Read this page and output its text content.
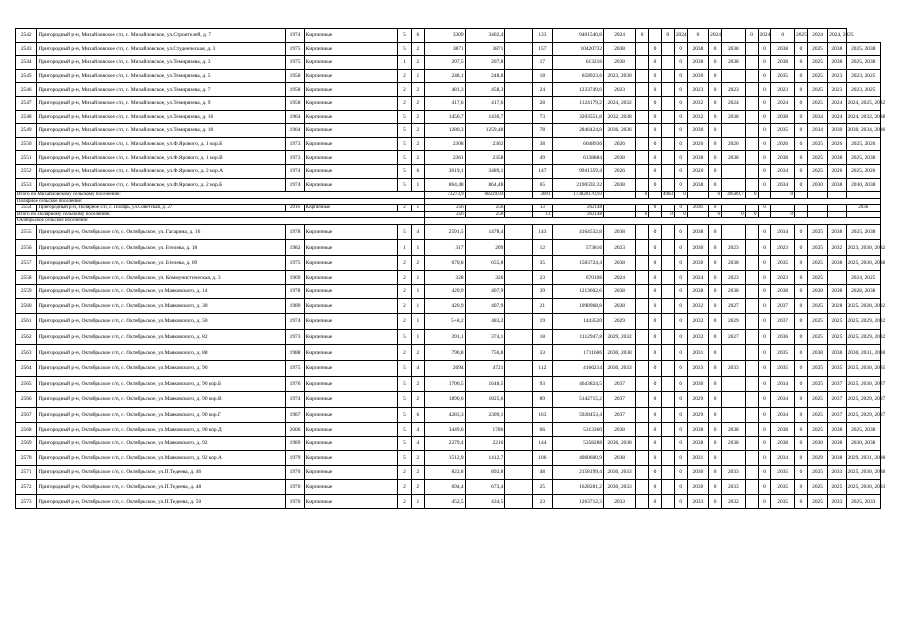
2542	Пригородный р-н, Михайловское с/п, с. Михайловское, ул.Строителей, д. 7	1974	Кирпичные	5	6	3309	3402,4		133	9401540,8	2024	0		0	2024	0	2024		0	2024	0	2025	2024	2024, 2025	
2543	Пригородный р-н, Михайловское с/п, с. Михайловское, ул.Студенческая, д. 3	1975	Кирпичные	5	2	3871	3871		157	10420732	2038		0		0	2038	0	2038		0	2038	0	2025	2038	2025, 2038
2544	Пригородный р-н, Михайловское с/п, с. Михайловское, ул.Темирязева, д. 3	1975	Кирпичные	1	2	207,5	207,8		17	613216	2038		0		0	2038	0	2038		0	2038	0	2025	2038	2025, 2038
2545	Пригородный р-н, Михайловское с/п, с. Михайловское, ул.Темирязева, д. 5	1958	Кирпичные	2	1	248,1	248,8		18	658923,6	2023, 2030		0		0	2030	0			0	2035	0	2025	2023	2023, 2025
2546	Пригородный р-н, Михайловское с/п, с. Михайловское, ул.Темирязева, д. 7	1958	Кирпичные	2	2	481,3	458,3		24	1233749,6	2023		0		0	2023	0	2023		0	2023	0	2025	2023	2023, 2025
2547	Пригородный р-н, Михайловское с/п, с. Михайловское, ул.Темирязева, д. 9	1958	Кирпичные	2	2	417,6	417,6		28	1124179,2	2024, 2032		0		0	2032	0	2024		0	2024	0	2025	2024	2024, 2025, 2032
2548	Пригородный р-н, Михайловское с/п, с. Михайловское, ул.Темирязева, д. 16	1964	Кирпичные	5	2	1450,7	1430,7		73	3203551,8	2032, 2038		0		0	2032	0	2038		0	2038	0	2034	2024	2024, 2032, 2038
2549	Пригородный р-н, Михайловское с/п, с. Михайловское, ул.Темирязева, д. 18	1964	Кирпичные	5	2	1280,3	1259,48		78	2846424,8	2036, 2036		0		0	2030	0			0	2035	0	2034	2030	2030, 2034, 2036
2550	Пригородный р-н, Михайловское с/п, с. Михайловское, ул.Ф.Ярового, д. 1 кор.Б	1973	Кирпичные	5	2	2308	2302		38	6048936	2026		0		0	2026	0	2026		0	2026	0	2025	2026	2025, 2026
2551	Пригородный р-н, Михайловское с/п, с. Михайловское, ул.Ф.Ярового, д. 1 кор.В	1973	Кирпичные	5	2	2361	2358		49	6138884	2038		0		0	2038	0	2038		0	2038	0	2025	2038	2025, 2038
2552	Пригородный р-н, Михайловское с/п, с. Михайловское, ул.Ф.Ярового, д. 2 кор.А	1974	Кирпичные	5	6	3019,1	3489,1		147	9941359,4	2026		0		0	2026	0			0	2034	0	2025	2026	2025, 2026
2553	Пригородный р-н, Михайловское с/п, с. Михайловское, ул.Ф.Ярового, д. 2 кор.Б	1974	Кирпичные	5	1	864,48	864,48		65	2190592,32	2038		0		0	2038	0			0	2034	0	2030	2038	2030, 2038
Итого по Михайловскому сельскому поселению:						73273,9	68229,03		3091	173820170,93		0		49831	0		0	49589,7	0		0				
Полярное сельское поселение:																									
2554	Пригородный р-н, Полярное с/п, с. Полярь, ул.Советская, д. 27	2016	Кирпичные	2	1	256	256		13	262148			0		0	2036	0			0					2036
Итого по Полярному сельскому поселению:						256	256		13	262148		0		0	0		0	0	0		0				
Октябрьское сельское поселение:																									
2555	Пригородный р-н, Октябрьское с/п, с. Октябрьское, ул. Гагарина, д. 16	1978	Кирпичные	5	4	2591,5	1478,4		143	4164532,8	2038		0		0	2038	0			0	2034	0	2025	2038	2025, 2038
2556	Пригородный р-н, Октябрьское с/п, с. Октябрьское, ул. Бтелева, д. 18	1982	Кирпичные	1	1	317	209		12	573816	2023		0		0	2030	0	2023		0	2023	0	2025	2032	2023, 2030, 2032
2557	Пригородный р-н, Октябрьское с/п, с. Октябрьское, ул. Бтелева, д. 69	1975	Кирпичные	2	2	670,8	655,8		35	1583724,4	2038		0		0	2030	0	2038		0	2035	0	2025	2038	2025, 2030, 2038
2558	Пригородный р-н, Октябрьское с/п, с. Октябрьское, ул. Коммунистическая, д. 3	1969	Кирпичные	2	1	328	326		23	670108	2024		0		0	2024	0	2023		0	2023	0	2025		2024, 2025
2559	Пригородный р-н, Октябрьское с/п, с. Октябрьское, ул.Маяковского, д. 14	1978	Кирпичные	2	1	420,9	407,9		39	1213602,6	2038		0		0	2038	0	2038		0	2038	0	2028	2038	2028, 2038
2560	Пригородный р-н, Октябрьское с/п, с. Октябрьское, ул.Маяковского, д. 30	1989	Кирпичные	2	1	420,9	407,9		21	1098968,8	2028		0		0	2032	0	2027		0	2037	0	2025	2028	2025, 2028, 2032
2561	Пригородный р-н, Октябрьское с/п, с. Октябрьское, ул.Маяковского, д. 50	1974	Кирпичные	2	1	5+8,2	483,2		19	1443520	2029		0		0	2032	0	2029		0	2037	0	2025	2025	2025, 2029, 2032
2562	Пригородный р-н, Октябрьское с/п, с. Октябрьское, ул.Маяковского, д. 82	1973	Кирпичные	5	1	391,1	374,1		18	1112947,8	2029, 2032		0		0	2032	0	2027		0	2036	0	2025	2025	2025, 2029, 2032
2563	Пригородный р-н, Октябрьское с/п, с. Октябрьское, ул.Маяковского, д. 88	1988	Кирпичные	2	2	790,8	756,8		33	1711606	2030, 2038		0		0	2031	0			0	2035	0	2038	2038	2030, 2031, 2038
2564	Пригородный р-н, Октябрьское с/п, с. Октябрьское, ул.Маяковского, д. 90	1975	Кирпичные	5	4	2694	4721		112	4166214	2030, 2033		0		0	2033	0	2033		0	2035	0	2025	2035	2025, 2030, 2035
2565	Пригородный р-н, Октябрьское с/п, с. Октябрьское, ул.Маяковского, д. 90 кор.Б	1976	Кирпичные	5	2	1700,5	1648,5		93	4643824,5	2037		0		0	2030	0			0	2034	0	2025	2037	2025, 2030, 2037
2566	Пригородный р-н, Октябрьское с/п, с. Октябрьское, ул.Маяковского, д. 90 кор.В	1974	Кирпичные	5	2	1890,6	1825,6		89	5142715,2	2037		0		0	2029	0			0	2034	0	2025	2037	2025, 2029, 2037
2567	Пригородный р-н, Октябрьское с/п, с. Октябрьское, ул.Маяковского, д. 90 кор.Г	1987	Кирпичные	5	6	4283,3	2309,1		163	5928453,4	2037		0		0	2029	0			0	2034	0	2025	2037	2025, 2029, 2037
2568	Пригородный р-н, Октябрьское с/п, с. Октябрьское, ул.Маяковского, д. 90 кор.Д	2006	Кирпичные	5	4	3449,6	1786		66	5313360	2038		0		0	2038	0	2038		0	2038	0	2025	2038	2025, 2038
2569	Пригородный р-н, Октябрьское с/п, с. Октябрьское, ул.Маяковского, д. 92	1989	Кирпичные	5	4	2279,4	2216		144	5358288	2036, 2038		0		0	2038	0	2038		0	2038	0	2030	2038	2030, 2038
2570	Пригородный р-н, Октябрьское с/п, с. Октябрьское, ул.Маяковского, д. 92 кор.А	1979	Кирпичные	5	2	1512,9	1412,7		106	4060600,9	2038		0		0	2031	0			0	2034	0	2029	2038	2029, 2031, 2038
2571	Пригородный р-н, Октябрьское с/п, с. Октябрьское, ул.П.Тедеева, д. 46	1970	Кирпичные	2	2	822,8	892,8		48	2158199,4	2030, 2033		0		0	2030	0	2033		0	2035	0	2025	2033	2025, 2030, 2038
2572	Пригородный р-н, Октябрьское с/п, с. Октябрьское, ул.П.Тедеева, д. 48	1970	Кирпичные	2	2	694,4	673,4		25	1628281,2	2030, 2033		0		0	2030	0	2033		0	2035	0	2025	2025	2025, 2030, 2033
2573	Пригородный р-н, Октябрьское с/п, с. Октябрьское, ул.П.Тедеева, д. 50	1970	Кирпичные	2	1	452,5	434,5		23	1263712,3	2033		0		0	2033	0	2032		0	2035	0	2025	2033	2025, 2033
